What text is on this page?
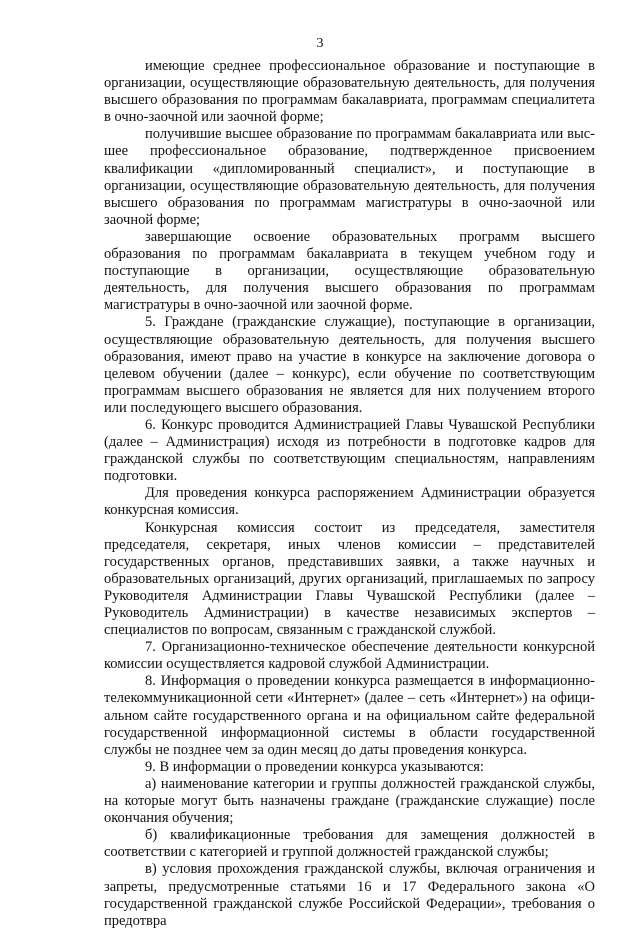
3

имеющие среднее профессиональное образование и поступающие в организации, осуществляющие образовательную деятельность, для получения высшего образования по программам бакалавриата, программам специалитета в очно-заочной или заочной форме;

получившие высшее образование по программам бакалавриата или высшее профессиональное образование, подтвержденное присвоением квалификации «дипломированный специалист», и поступающие в организации, осуществляющие образовательную деятельность, для получения высшего образования по программам магистратуры в очно-заочной или заочной форме;

завершающие освоение образовательных программ высшего образования по программам бакалавриата в текущем учебном году и поступающие в организации, осуществляющие образовательную деятельность, для получения высшего образования по программам магистратуры в очно-заочной или заочной форме.

5. Граждане (гражданские служащие), поступающие в организации, осуществляющие образовательную деятельность, для получения высшего образования, имеют право на участие в конкурсе на заключение договора о целевом обучении (далее – конкурс), если обучение по соответствующим программам высшего образования не является для них получением второго или последующего высшего образования.

6. Конкурс проводится Администрацией Главы Чувашской Республики (далее – Администрация) исходя из потребности в подготовке кадров для гражданской службы по соответствующим специальностям, направлениям подготовки.

Для проведения конкурса распоряжением Администрации образуется конкурсная комиссия.

Конкурсная комиссия состоит из председателя, заместителя председателя, секретаря, иных членов комиссии – представителей государственных органов, представивших заявки, а также научных и образовательных организаций, других организаций, приглашаемых по запросу Руководителя Администрации Главы Чувашской Республики (далее – Руководитель Администрации) в качестве независимых экспертов – специалистов по вопросам, связанным с гражданской службой.

7. Организационно-техническое обеспечение деятельности конкурсной комиссии осуществляется кадровой службой Администрации.

8. Информация о проведении конкурса размещается в информационно-телекоммуникационной сети «Интернет» (далее – сеть «Интернет») на официальном сайте государственного органа и на официальном сайте федеральной государственной информационной системы в области государственной службы не позднее чем за один месяц до даты проведения конкурса.

9. В информации о проведении конкурса указываются:

а) наименование категории и группы должностей гражданской службы, на которые могут быть назначены граждане (гражданские служащие) после окончания обучения;

б) квалификационные требования для замещения должностей в соответствии с категорией и группой должностей гражданской службы;

в) условия прохождения гражданской службы, включая ограничения и запреты, предусмотренные статьями 16 и 17 Федерального закона «О государственной гражданской службе Российской Федерации», требования о предотвра
